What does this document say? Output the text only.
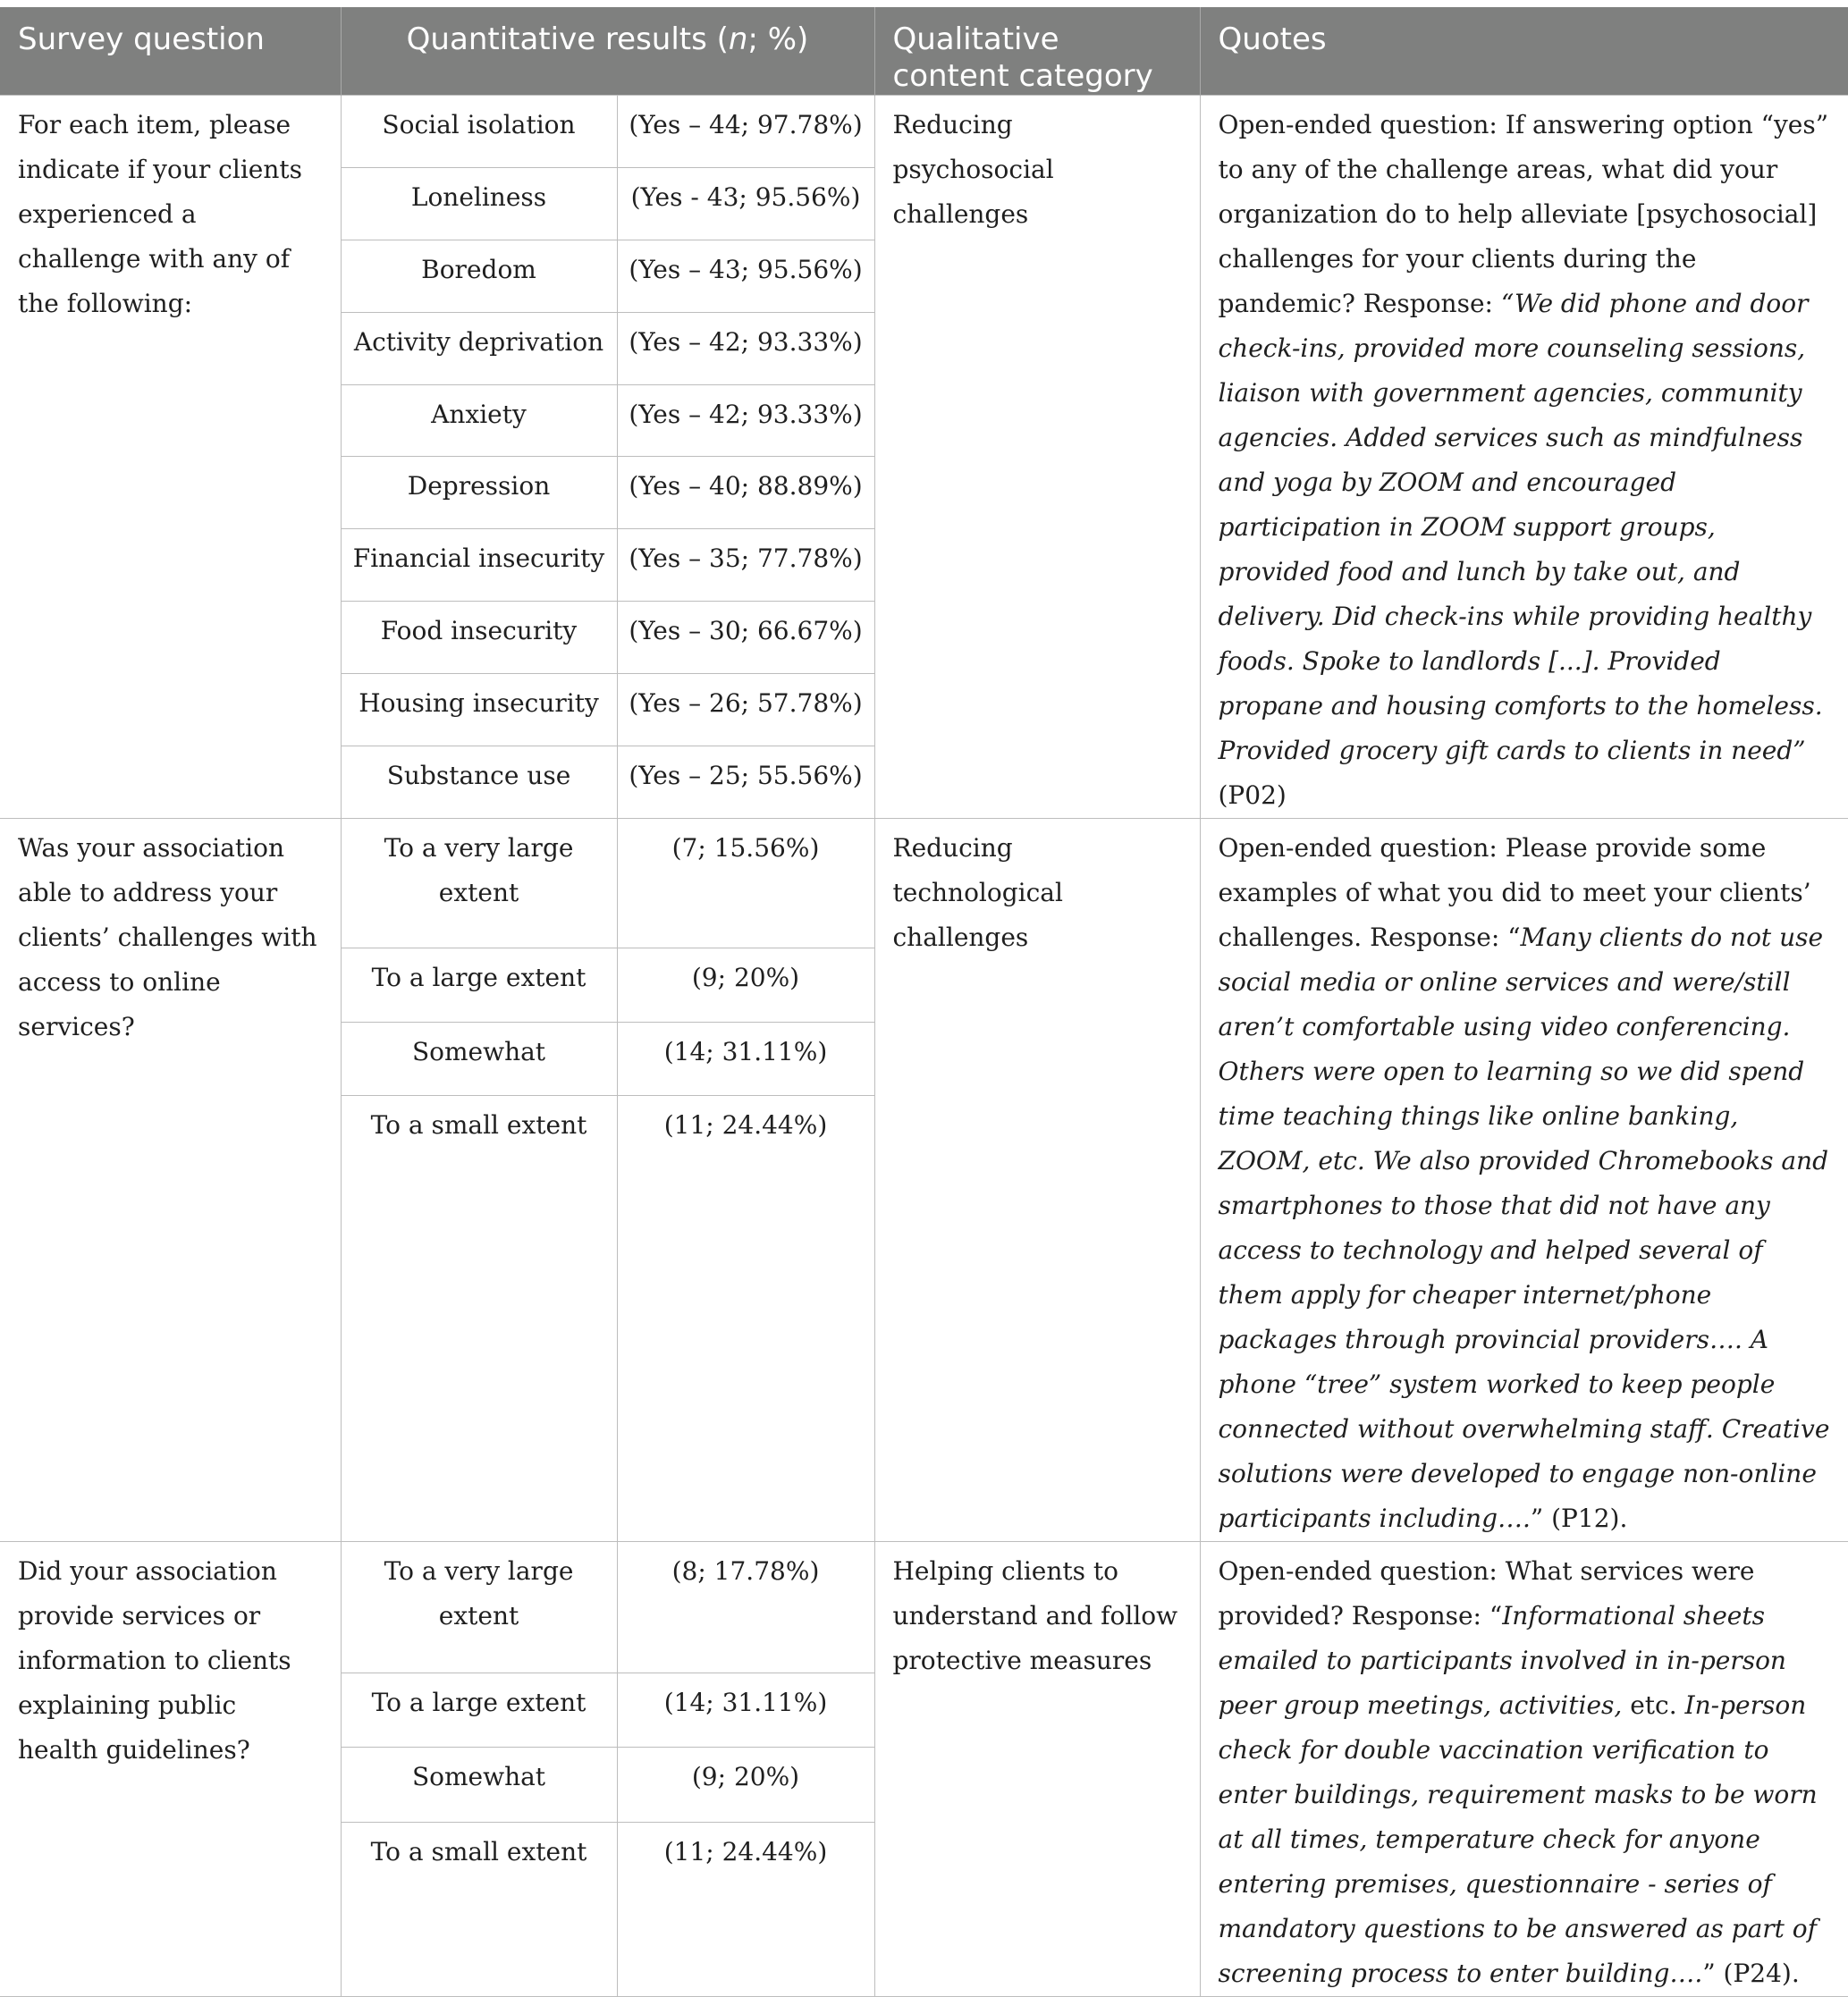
Survey question	Quantitative results (n; %)		Qualitative content category	Quotes
For each item, please indicate if your clients experienced a challenge with any of the following:	Social isolation	(Yes – 44; 97.78%)	Reducing psychosocial challenges	Open-ended question: If answering option “yes” to any of the challenge areas, what did your organization do to help alleviate [psychosocial] challenges for your clients during the pandemic? Response: “We did phone and door check-ins, provided more counseling sessions, liaison with government agencies, community agencies. Added services such as mindfulness and yoga by ZOOM and encouraged participation in ZOOM support groups, provided food and lunch by take out, and delivery. Did check-ins while providing healthy foods. Spoke to landlords [...]. Provided propane and housing comforts to the homeless. Provided grocery gift cards to clients in need” (P02)
	Loneliness	(Yes - 43; 95.56%)		
	Boredom	(Yes – 43; 95.56%)		
	Activity deprivation	(Yes – 42; 93.33%)		
	Anxiety	(Yes – 42; 93.33%)		
	Depression	(Yes – 40; 88.89%)		
	Financial insecurity	(Yes – 35; 77.78%)		
	Food insecurity	(Yes – 30; 66.67%)		
	Housing insecurity	(Yes – 26; 57.78%)		
	Substance use	(Yes – 25; 55.56%)		
Was your association able to address your clients’ challenges with access to online services?	To a very large extent	(7; 15.56%)	Reducing technological challenges	Open-ended question: Please provide some examples of what you did to meet your clients’ challenges. Response: “Many clients do not use social media or online services and were/still aren’t comfortable using video conferencing. Others were open to learning so we did spend time teaching things like online banking, ZOOM, etc. We also provided Chromebooks and smartphones to those that did not have any access to technology and helped several of them apply for cheaper internet/phone packages through provincial providers…. A phone “tree” system worked to keep people connected without overwhelming staff. Creative solutions were developed to engage non-online participants including….” (P12).
	To a large extent	(9; 20%)		
	Somewhat	(14; 31.11%)		
	To a small extent	(11; 24.44%)		
Did your association provide services or information to clients explaining public health guidelines?	To a very large extent	(8; 17.78%)	Helping clients to understand and follow protective measures	Open-ended question: What services were provided? Response: “Informational sheets emailed to participants involved in in-person peer group meetings, activities, etc. In-person check for double vaccination verification to enter buildings, requirement masks to be worn at all times, temperature check for anyone entering premises, questionnaire - series of mandatory questions to be answered as part of screening process to enter building….” (P24).
	To a large extent	(14; 31.11%)		
	Somewhat	(9; 20%)		
	To a small extent	(11; 24.44%)		
